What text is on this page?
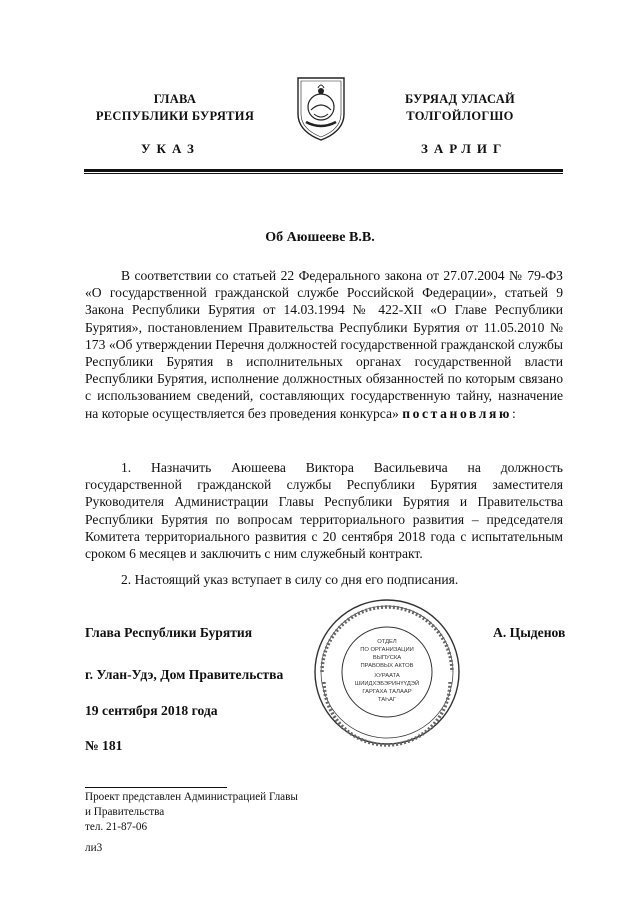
ГЛАВА
РЕСПУБЛИКИ БУРЯТИЯ
БУРЯАД УЛАСАЙ
ТОЛГОЙЛОГШО
УКАЗ	ЗАРЛИГ
Об Аюшееве В.В.

В соответствии со статьей 22 Федерального закона от 27.07.2004 № 79-ФЗ «О государственной гражданской службе Российской Федерации», статьей 9 Закона Республики Бурятия от 14.03.1994 № 422-XII «О Главе Республики Бурятия», постановлением Правительства Республики Бурятия от 11.05.2010 № 173 «Об утверждении Перечня должностей государственной гражданской службы Республики Бурятия в исполнительных органах государственной власти Республики Бурятия, исполнение должностных обязанностей по которым связано с использованием сведений, составляющих государственную тайну, назначение на которые осуществляется без проведения конкурса» постановляю:

1. Назначить Аюшеева Виктора Васильевича на должность государственной гражданской службы Республики Бурятия заместителя Руководителя Администрации Главы Республики Бурятия и Правительства Республики Бурятия по вопросам территориального развития – председателя Комитета территориального развития с 20 сентября 2018 года с испытательным сроком 6 месяцев и заключить с ним служебный контракт.

2. Настоящий указ вступает в силу со дня его подписания.

Глава Республики Бурятия	А. Цыденов
г. Улан-Удэ, Дом Правительства
19 сентября 2018 года
№ 181
ОТДЕЛ
ПО ОРГАНИЗАЦИИ
ВЫПУСКА
ПРАВОВЫХ АКТОВ
ХУРААТА
ШИИДХЭБЭРИНҮҮДЭЙ
ГАРГАХА ТАЛААР
ТАҺАГ
Проект представлен Администрацией Главы
и Правительства
тел. 21-87-06
ли3
